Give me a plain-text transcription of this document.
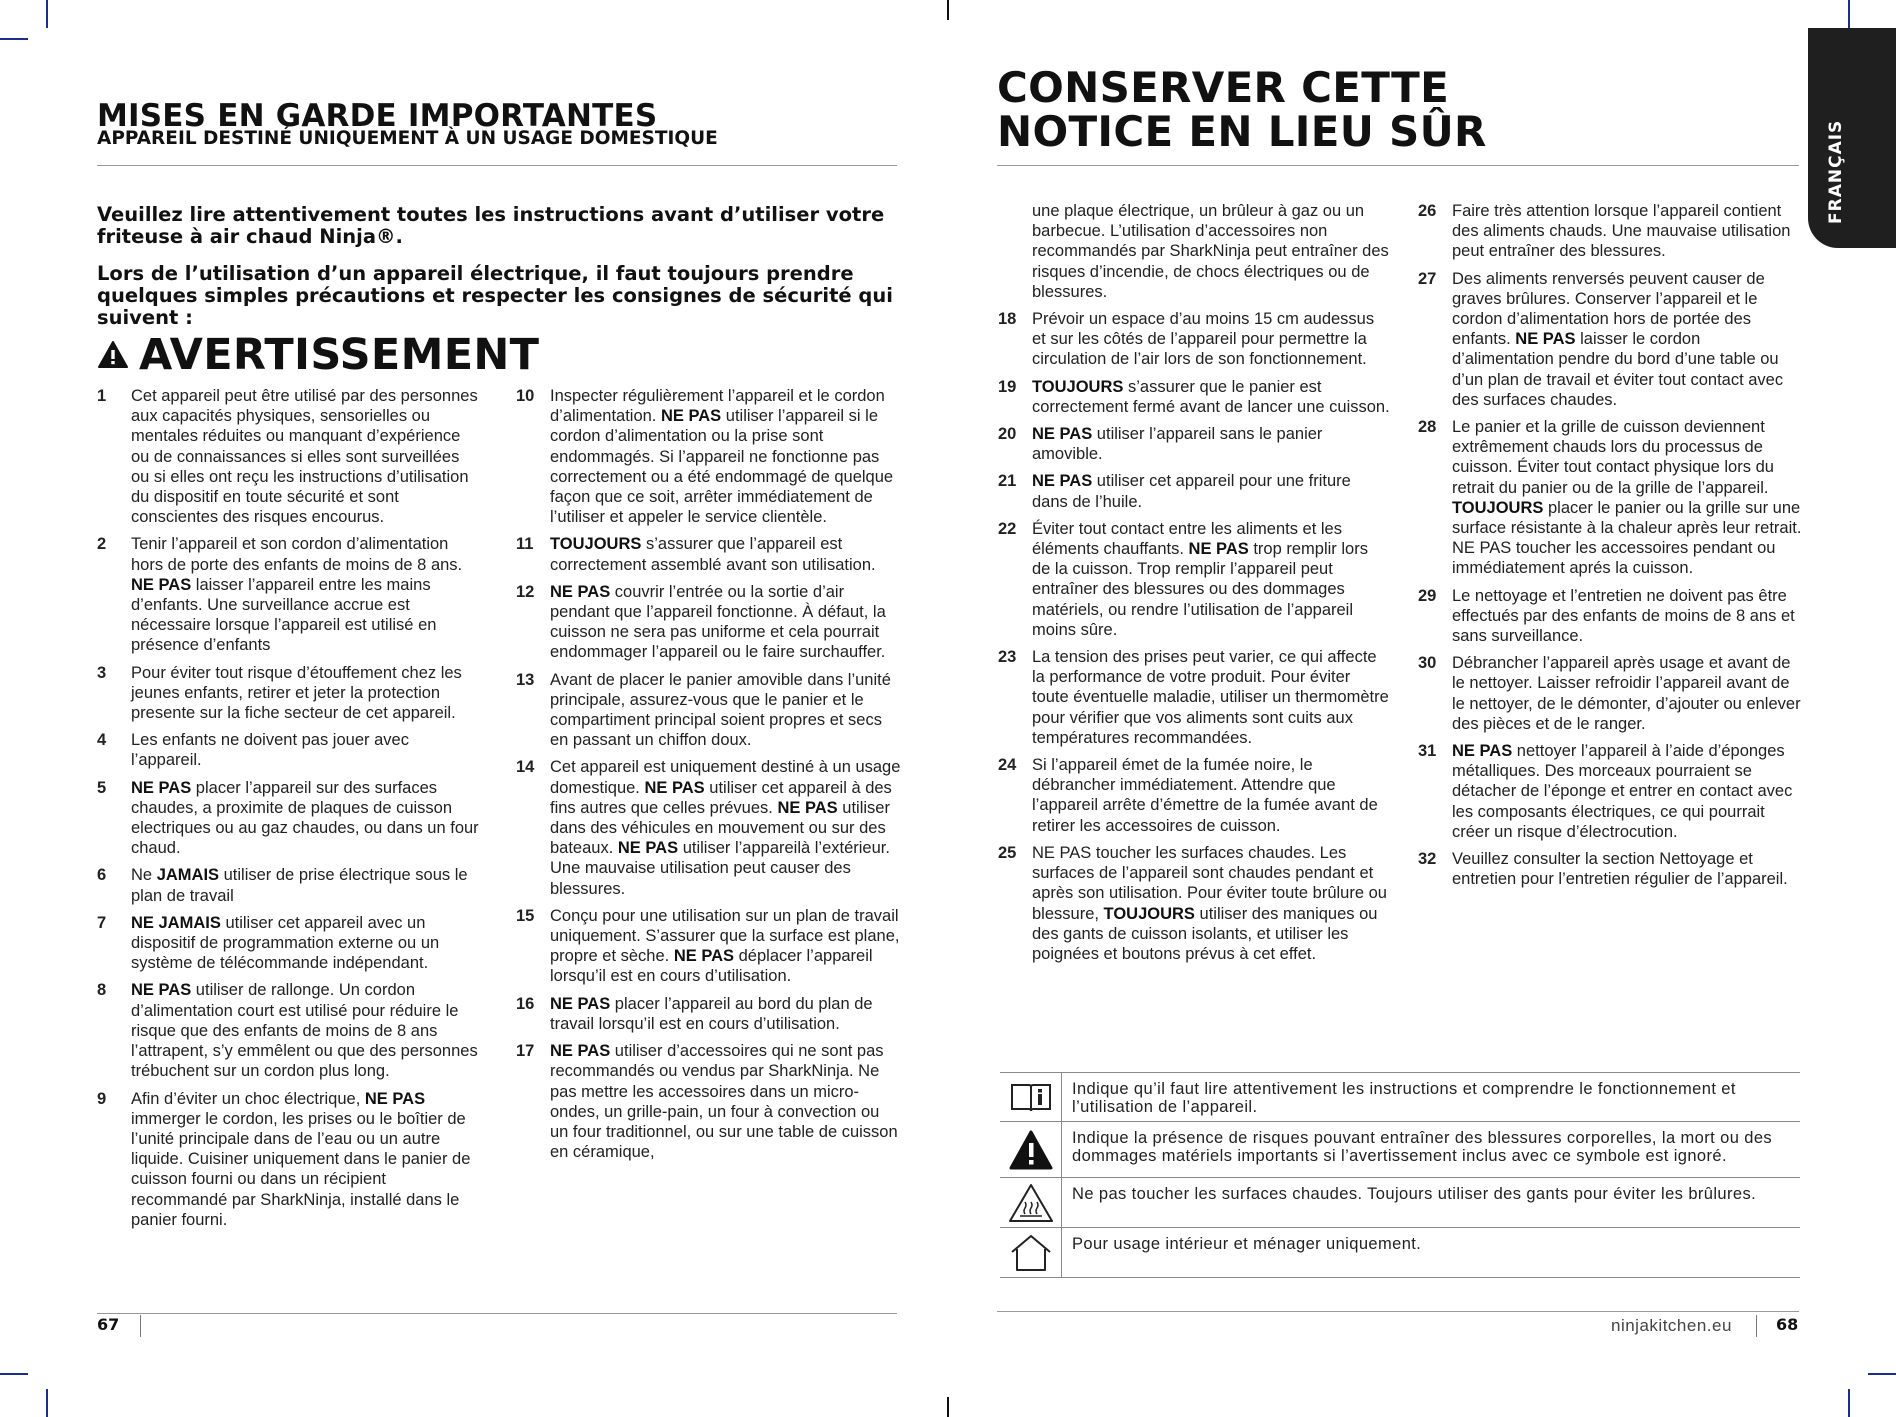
FRANÇAIS
MISES EN GARDE IMPORTANTES
APPAREIL DESTINÉ UNIQUEMENT À UN USAGE DOMESTIQUE
Veuillez lire attentivement toutes les instructions avant d’utiliser votre friteuse à air chaud Ninja®.
Lors de l’utilisation d’un appareil électrique, il faut toujours prendre quelques simples précautions et respecter les consignes de sécurité qui suivent :
AVERTISSEMENT
1 Cet appareil peut être utilisé par des personnes aux capacités physiques, sensorielles ou mentales réduites ou manquant d’expérience ou de connaissances si elles sont surveillées ou si elles ont reçu les instructions d’utilisation du dispositif en toute sécurité et sont conscientes des risques encourus.
2 Tenir l’appareil et son cordon d’alimentation hors de porte des enfants de moins de 8 ans. NE PAS laisser l’appareil entre les mains d’enfants. Une surveillance accrue est nécessaire lorsque l’appareil est utilisé en présence d’enfants
3 Pour éviter tout risque d’étouffement chez les jeunes enfants, retirer et jeter la protection presente sur la fiche secteur de cet appareil.
4 Les enfants ne doivent pas jouer avec l’appareil.
5 NE PAS placer l’appareil sur des surfaces chaudes, a proximite de plaques de cuisson electriques ou au gaz chaudes, ou dans un four chaud.
6 Ne JAMAIS utiliser de prise électrique sous le plan de travail
7 NE JAMAIS utiliser cet appareil avec un dispositif de programmation externe ou un système de télécommande indépendant.
8 NE PAS utiliser de rallonge. Un cordon d’alimentation court est utilisé pour réduire le risque que des enfants de moins de 8 ans l’attrapent, s’y emmêlent ou que des personnes trébuchent sur un cordon plus long.
9 Afin d’éviter un choc électrique, NE PAS immerger le cordon, les prises ou le boîtier de l’unité principale dans de l’eau ou un autre liquide. Cuisiner uniquement dans le panier de cuisson fourni ou dans un récipient recommandé par SharkNinja, installé dans le panier fourni.
10 Inspecter régulièrement l’appareil et le cordon d’alimentation. NE PAS utiliser l’appareil si le cordon d’alimentation ou la prise sont endommagés. Si l’appareil ne fonctionne pas correctement ou a été endommagé de quelque façon que ce soit, arrêter immédiatement de l’utiliser et appeler le service clientèle.
11 TOUJOURS s’assurer que l’appareil est correctement assemblé avant son utilisation.
12 NE PAS couvrir l’entrée ou la sortie d’air pendant que l’appareil fonctionne. À défaut, la cuisson ne sera pas uniforme et cela pourrait endommager l’appareil ou le faire surchauffer.
13 Avant de placer le panier amovible dans l’unité principale, assurez-vous que le panier et le compartiment principal soient propres et secs en passant un chiffon doux.
14 Cet appareil est uniquement destiné à un usage domestique. NE PAS utiliser cet appareil à des fins autres que celles prévues. NE PAS utiliser dans des véhicules en mouvement ou sur des bateaux. NE PAS utiliser l’appareilà l’extérieur. Une mauvaise utilisation peut causer des blessures.
15 Conçu pour une utilisation sur un plan de travail uniquement. S’assurer que la surface est plane, propre et sèche. NE PAS déplacer l’appareil lorsqu’il est en cours d’utilisation.
16 NE PAS placer l’appareil au bord du plan de travail lorsqu’il est en cours d’utilisation.
17 NE PAS utiliser d’accessoires qui ne sont pas recommandés ou vendus par SharkNinja. Ne pas mettre les accessoires dans un micro-ondes, un grille-pain, un four à convection ou un four traditionnel, ou sur une table de cuisson en céramique,
67
CONSERVER CETTE
NOTICE EN LIEU SÛR
une plaque électrique, un brûleur à gaz ou un barbecue. L’utilisation d’accessoires non recommandés par SharkNinja peut entraîner des risques d’incendie, de chocs électriques ou de blessures.
18 Prévoir un espace d’au moins 15 cm audessus et sur les côtés de l’appareil pour permettre la circulation de l’air lors de son fonctionnement.
19 TOUJOURS s’assurer que le panier est correctement fermé avant de lancer une cuisson.
20 NE PAS utiliser l’appareil sans le panier amovible.
21 NE PAS utiliser cet appareil pour une friture dans de l’huile.
22 Éviter tout contact entre les aliments et les éléments chauffants. NE PAS trop remplir lors de la cuisson. Trop remplir l’appareil peut entraîner des blessures ou des dommages matériels, ou rendre l’utilisation de l’appareil moins sûre.
23 La tension des prises peut varier, ce qui affecte la performance de votre produit. Pour éviter toute éventuelle maladie, utiliser un thermomètre pour vérifier que vos aliments sont cuits aux températures recommandées.
24 Si l’appareil émet de la fumée noire, le débrancher immédiatement. Attendre que l’appareil arrête d’émettre de la fumée avant de retirer les accessoires de cuisson.
25 NE PAS toucher les surfaces chaudes. Les surfaces de l’appareil sont chaudes pendant et après son utilisation. Pour éviter toute brûlure ou blessure, TOUJOURS utiliser des maniques ou des gants de cuisson isolants, et utiliser les poignées et boutons prévus à cet effet.
26 Faire très attention lorsque l’appareil contient des aliments chauds. Une mauvaise utilisation peut entraîner des blessures.
27 Des aliments renversés peuvent causer de graves brûlures. Conserver l’appareil et le cordon d’alimentation hors de portée des enfants. NE PAS laisser le cordon d’alimentation pendre du bord d’une table ou d’un plan de travail et éviter tout contact avec des surfaces chaudes.
28 Le panier et la grille de cuisson deviennent extrêmement chauds lors du processus de cuisson. Éviter tout contact physique lors du retrait du panier ou de la grille de l’appareil. TOUJOURS placer le panier ou la grille sur une surface résistante à la chaleur après leur retrait. NE PAS toucher les accessoires pendant ou immédiatement aprés la cuisson.
29 Le nettoyage et l’entretien ne doivent pas être effectués par des enfants de moins de 8 ans et sans surveillance.
30 Débrancher l’appareil après usage et avant de le nettoyer. Laisser refroidir l’appareil avant de le nettoyer, de le démonter, d’ajouter ou enlever des pièces et de le ranger.
31 NE PAS nettoyer l’appareil à l’aide d’éponges métalliques. Des morceaux pourraient se détacher de l’éponge et entrer en contact avec les composants électriques, ce qui pourrait créer un risque d’électrocution.
32 Veuillez consulter la section Nettoyage et entretien pour l’entretien régulier de l’appareil.
Indique qu’il faut lire attentivement les instructions et comprendre le fonctionnement et l’utilisation de l’appareil.
Indique la présence de risques pouvant entraîner des blessures corporelles, la mort ou des dommages matériels importants si l’avertissement inclus avec ce symbole est ignoré.
Ne pas toucher les surfaces chaudes. Toujours utiliser des gants pour éviter les brûlures.
Pour usage intérieur et ménager uniquement.
ninjakitchen.eu	68
